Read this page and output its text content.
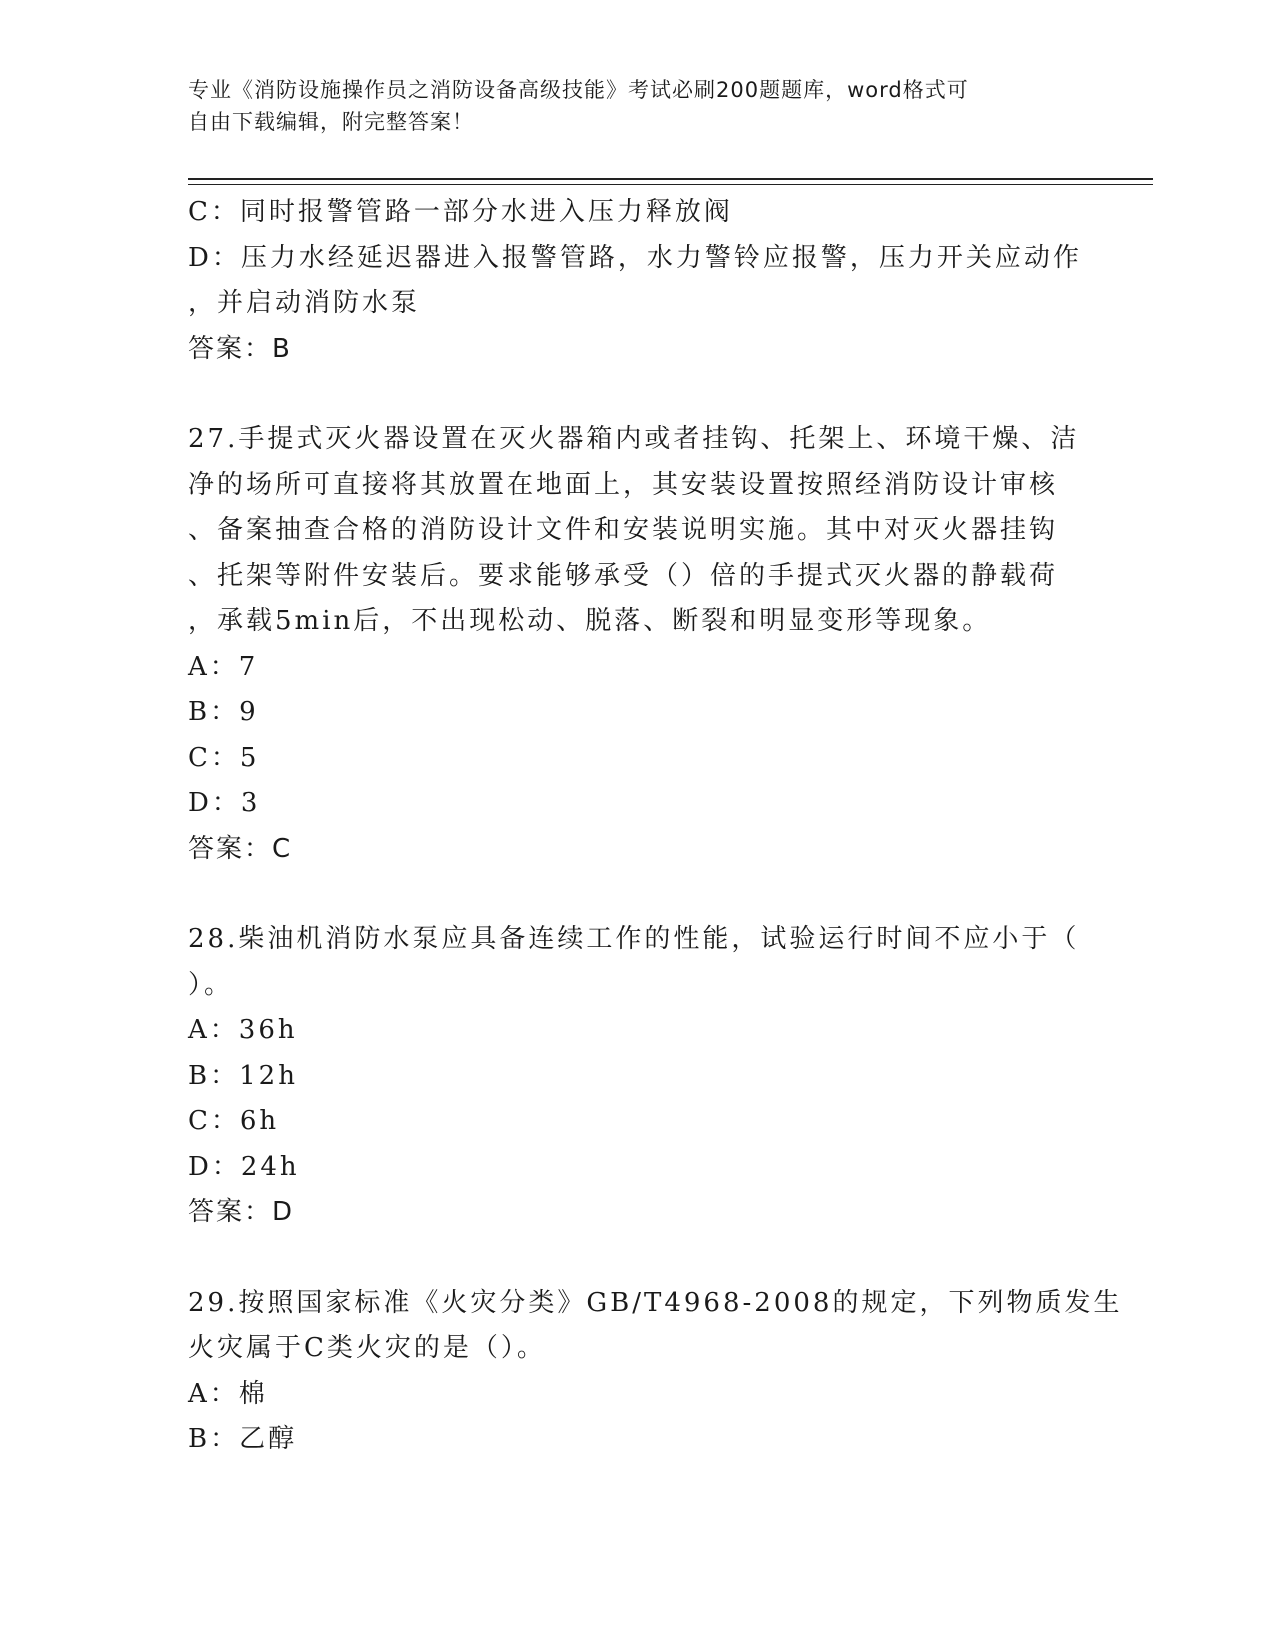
专业《消防设施操作员之消防设备高级技能》考试必刷200题题库，word格式可
自由下载编辑，附完整答案！
C：同时报警管路一部分水进入压力释放阀
D：压力水经延迟器进入报警管路，水力警铃应报警，压力开关应动作
，并启动消防水泵
答案：B
27.手提式灭火器设置在灭火器箱内或者挂钩、托架上、环境干燥、洁
净的场所可直接将其放置在地面上，其安装设置按照经消防设计审核
、备案抽查合格的消防设计文件和安装说明实施。其中对灭火器挂钩
、托架等附件安装后。要求能够承受（）倍的手提式灭火器的静载荷
，承载5min后，不出现松动、脱落、断裂和明显变形等现象。
A：7
B：9
C：5
D：3
答案：C
28.柴油机消防水泵应具备连续工作的性能，试验运行时间不应小于（
）。
A：36h
B：12h
C：6h
D：24h
答案：D
29.按照国家标准《火灾分类》GB/T4968-2008的规定，下列物质发生
火灾属于C类火灾的是（）。
A：棉
B：乙醇
